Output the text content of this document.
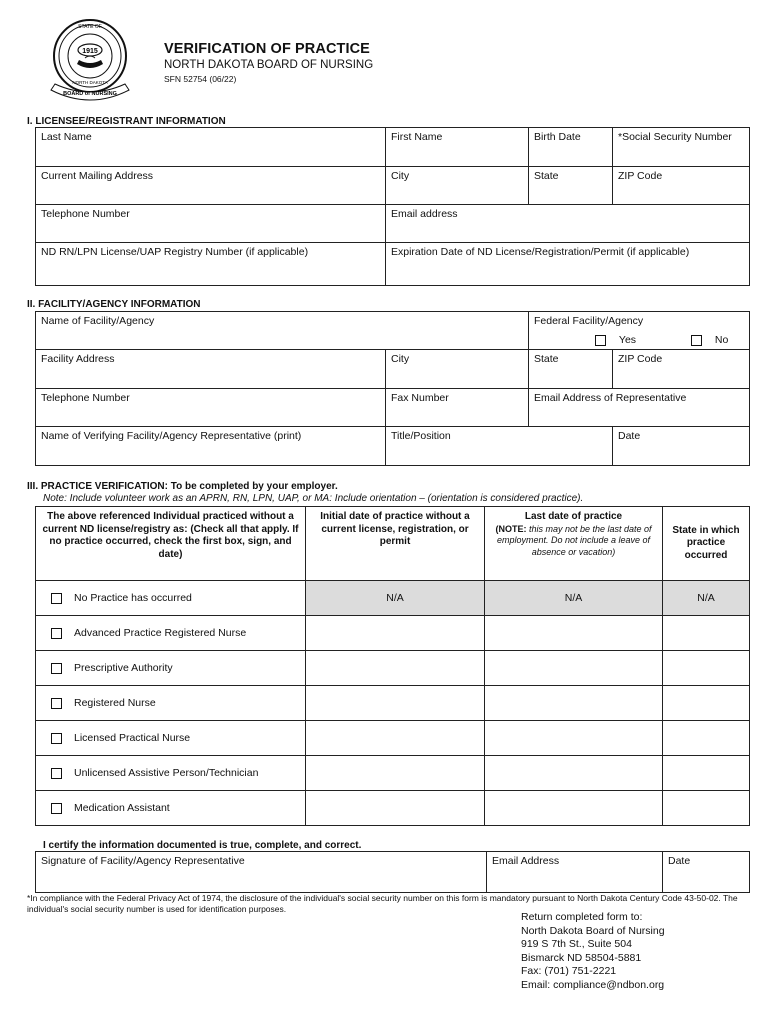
1915
STATE OF
NORTH DAKOTA
BOARD of NURSING
VERIFICATION OF PRACTICE
NORTH DAKOTA BOARD OF NURSING
SFN 52754 (06/22)
I. LICENSEE/REGISTRANT INFORMATION
Last Name	First Name	Birth Date	*Social Security Number
Current Mailing Address	City	State	ZIP Code
Telephone Number	Email address		
ND RN/LPN License/UAP Registry Number (if applicable)	Expiration Date of ND License/Registration/Permit (if applicable)		
II. FACILITY/AGENCY INFORMATION
Name of Facility/Agency		Federal Facility/Agency
Yes No	

Facility Address	City	State	ZIP Code
Telephone Number	Fax Number	Email Address of Representative	
Name of Verifying Facility/Agency Representative (print)	Title/Position		Date
III. PRACTICE VERIFICATION: To be completed by your employer.
Note: Include volunteer work as an APRN, RN, LPN, UAP, or MA: Include orientation – (orientation is considered practice).
The above referenced Individual practiced without a current ND license/registry as: (Check all that apply. If no practice occurred, check the first box, sign, and date)	Initial date of practice without a current license, registration, or permit	Last date of practice
(NOTE: this may not be the last date of employment. Do not include a leave of absence or vacation)	State in which practice occurred

No Practice has occurred	N/A	N/A	N/A

Advanced Practice Registered Nurse			

Prescriptive Authority			

Registered Nurse			

Licensed Practical Nurse			

Unlicensed Assistive Person/Technician			

Medication Assistant			

I certify the information documented is true, complete, and correct.
Signature of Facility/Agency Representative	Email Address	Date
*In compliance with the Federal Privacy Act of 1974, the disclosure of the individual's social security number on this form is mandatory pursuant to North Dakota Century Code 43-50-02. The individual's social security number is used for identification purposes.
Return completed form to:
North Dakota Board of Nursing
919 S 7th St., Suite 504
Bismarck ND 58504-5881
Fax: (701) 751-2221
Email: compliance@ndbon.org
